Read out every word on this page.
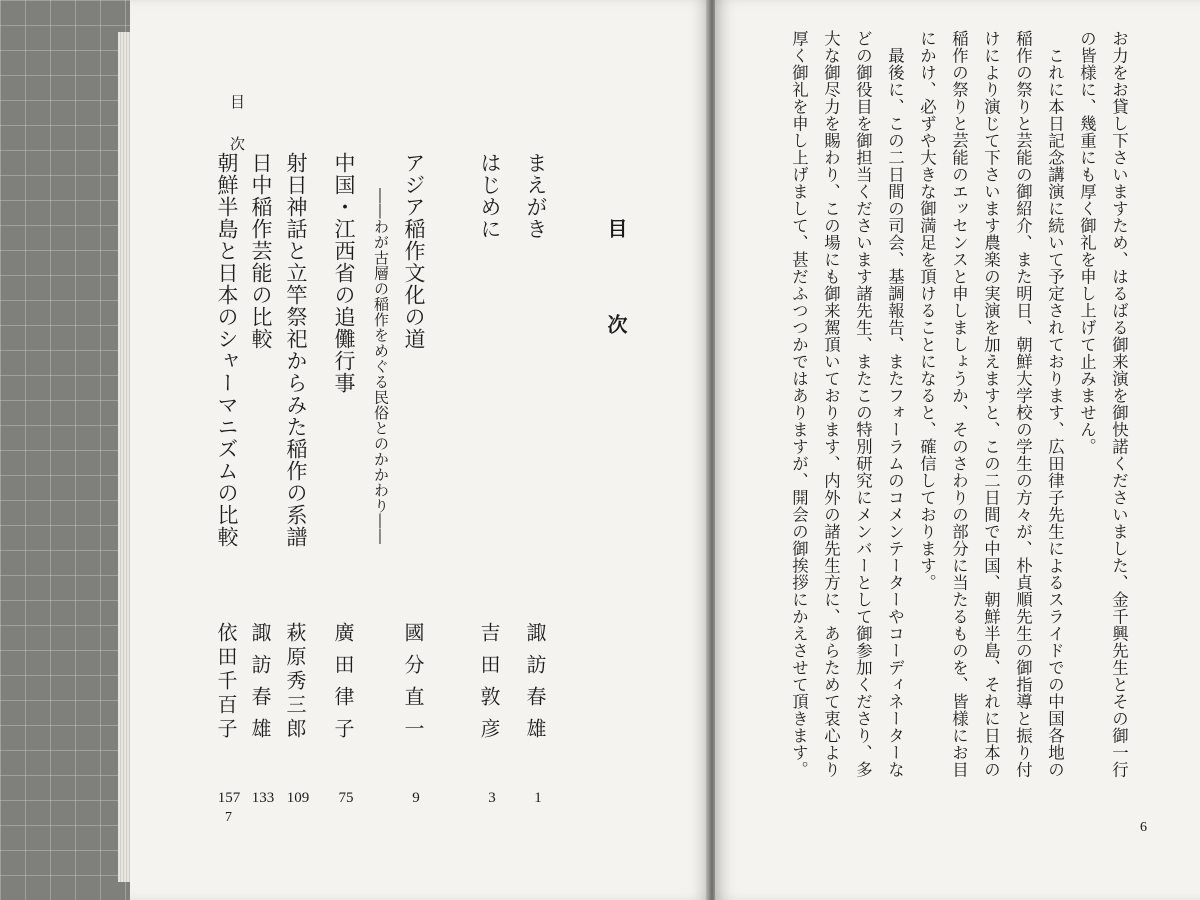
目　次
7
目　次
まえがき
諏訪春雄
1
はじめに
吉田敦彦
3
アジア稲作文化の道
――わが古層の稲作をめぐる民俗とのかかわり――
國分直一
9
中国・江西省の追儺行事
廣田律子
75
射日神話と立竿祭祀からみた稲作の系譜
萩原秀三郎
109
日中稲作芸能の比較
諏訪春雄
133
朝鮮半島と日本のシャーマニズムの比較
依田千百子
157
お力をお貸し下さいますため、はるばる御来演を御快諾くださいました、金千興先生とその御一行
の皆様に、幾重にも厚く御礼を申し上げて止みません。
　これに本日記念講演に続いて予定されております、広田律子先生によるスライドでの中国各地の
稲作の祭りと芸能の御紹介、また明日、朝鮮大学校の学生の方々が、朴貞順先生の御指導と振り付
けにより演じて下さいます農楽の実演を加えますと、この二日間で中国、朝鮮半島、それに日本の
稲作の祭りと芸能のエッセンスと申しましょうか、そのさわりの部分に当たるものを、皆様にお目
にかけ、必ずや大きな御満足を頂けることになると、確信しております。
　最後に、この二日間の司会、基調報告、またフォーラムのコメンテーターやコーディネーターな
どの御役目を御担当くださいます諸先生、またこの特別研究にメンバーとして御参加くださり、多
大な御尽力を賜わり、この場にも御来駕頂いております、内外の諸先生方に、あらためて衷心より
厚く御礼を申し上げまして、甚だふつつかではありますが、開会の御挨拶にかえさせて頂きます。
6
